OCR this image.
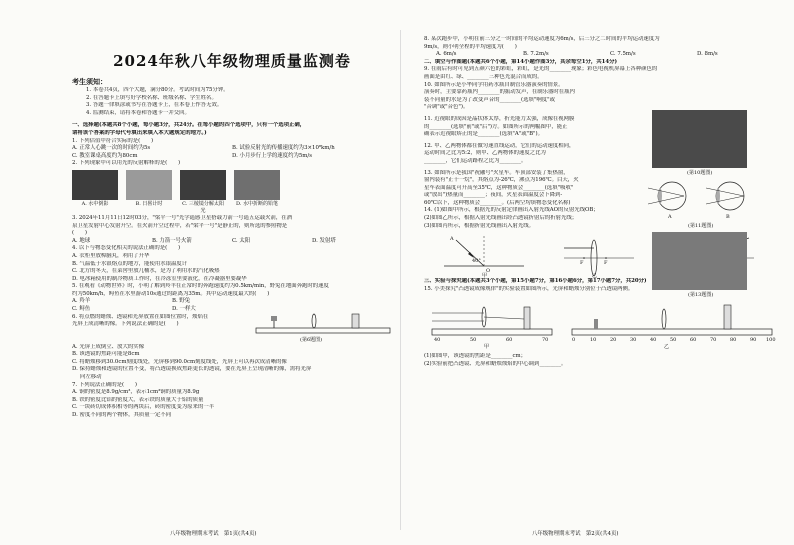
2024年秋八年级物理质量监测卷
考生须知：

1. 本卷共4页，四个大题，满分80分。考试时间为75分钟。

2. 在答题卡上填写好学校名称、班级名称、学生姓名。

3. 答题一律填涂或书写在答题卡上，在本卷上作答无效。

4. 监测结束，请将本卷和答题卡一并交回。

一、选择题(本题共8个小题，每小题3分，共24分。在每小题的四个选项中，只有一个选项正确，

请将该个答案的字母代号填出来填入本大题规定的地方。)

1. 下列估值中符合实际的是(　　)

A. 正常人心跳一次的时间约为5s	B. 试验反射光的传播速度约为3×10⁸km/h
C. 教室课桌高度约为80cm	D. 小月步行上学的速度约为5m/s

2. 下列现象中可以用光的反射解释的是(　　)

A. 水中倒影	B. 日晷计时	C. 三棱镜分解太阳光
D. 水中折断的铅笔

3. 2024年11月11日12时03分，"梁平一号"光学遥感卫星搭载力箭一号遥五运载火箭，在酒

泉卫星发射中心发射升空。在火箭升空过程中，若"梁平一号"是静止的，则所选的参照物是

(　　)

A. 地球	B. 力箭一号火箭	C. 太阳	D. 发射塔

4. 以下与物态变化相关的说法正确的是(　　)

A. 衣柜里放樟脑丸，利用了升华

B. 气温低于水银熔点的地方，能使用水银温度计

C. 北方的冬天，在菜窖里放几桶水，是为了利用水的汽化吸热

D. 电冰箱使用的制冷物质工作时，在冷冻室里要液化，在冷凝器里要凝华

5. 在观看《动物世界》时，小明了解到羚羊在正常时的奔跑速度约为0.5km/min，野兔在地面奔跑时的速度

约为50km/h，鲟鱼在水里游动10s通过的距离为35m。其中运动速度最大的(　　)

A. 羚羊	B. 野兔
C. 鲟鱼	D. 一样大

6. 将点燃的蜡烛、透镜和光屏放置在如图位置时，烛焰在

光屏上成清晰的像。下列说法正确的是(　　)

(第6题图)

A. 光屏上成倒立、放大的实像

B. 该透镜的焦距可能是8cm

C. 将蜡烛移到30.0cm刻度线处，光屏移到90.0cm刻度线处，光屏上可以再次成清晰的像

D. 保持蜡烛和透镜的位置不变，将凸透镜换成焦距更长的透镜，要在光屏上呈现清晰的像，需将光屏

向左移动

7. 下列说法正确的是(　　)

A. 铜的密度是8.9g/cm³，表示1cm³铜的质量为8.9g

B. 铁的密度比铝的密度大，表示铁的质量大于铝的质量

C. 一块砖切成体积相等的两块后，砖的密度变为原来的一半

D. 密度不同的两个物体，其质量一定不同

八年级物理期末考试　第1页(共4页)

8. 某次跑步中，小明在前三分之一时间的平均运动速度为6m/s，后三分之二时间的平均运动速度为

9m/s，则小明全程的平均速度为(　　)

A. 6m/s	B. 7.2m/s	C. 7.5m/s	D. 8m/s

二、填空与作图题(本题共6个小题，第14小题作图3分，其余每空1分，共14分)

9. 在雨后有时可见到五颜六色的彩虹，彩虹，是光的________现象；彩色电视机屏幕上各种颜色的

画面是由红、绿、________三种色光混合而成的。

10. 如图所示是小华同学用药水瓶自制管乐器演奏的情景。

演奏时，主要靠药瓶内________的振动发声，在制乐器时在瓶内

装不同量的水是为了改变声音的________(选填"响度"或

"音调"或"音色")。

11. 近视眼的成因是晶状体太厚，折光能力太强，成像在视网膜

的________(选填"前"或"后")方。如图所示的两幅图中，能正

确表示近视眼矫正的是________(选填"A"或"B")。

12. 甲、乙两物体都在做匀速直线运动，它们的运动速度相同，

运动时间之比为5:2，则甲、乙两物体的速度之比为

________，它们运动路程之比为________。

13. 如图所示是我国"祝融号"火星车。车顶部安装了集热窗，

窗内装有"正十一烷"，其熔点为-26℃，沸点为196℃。白天，火

星车表面温度可升高至35℃，这种物质会________(选填"吸收"

或"放出")热量而________；夜间，火星表面温度会下降到-

60℃以下，这种物质会________。(后两空均填物态变化名称)

14. (1)如图甲所示，根据光的反射定律画出入射光线AO的反射光线OB；

(2)如图乙所示，根据入射光线画出经凸透镜折射后的折射光线；

(3)如图丙所示，根据折射光线画出入射光线。

A
40°
O
F	F
甲	乙

三、实验与探究题(本题共3个小题，第15小题7分，第16小题6分，第17小题7分，共20分)

15. 小美探究"凸透镜成像规律"的实验装置如图所示，光屏和蜡烛分别位于凸透镜两侧。

40	50	60	70	0	10	20	30	40	50	60	70	80	90 100
甲	乙

(1)如图甲，该透镜的焦距是________cm；

(2)实验前把凸透镜、光屏和蜡烛烛焰的中心调到________。

(第10题图)
A	B
(第11题图)
(第13题图)
八年级物理期末考试　第2页(共4页)
